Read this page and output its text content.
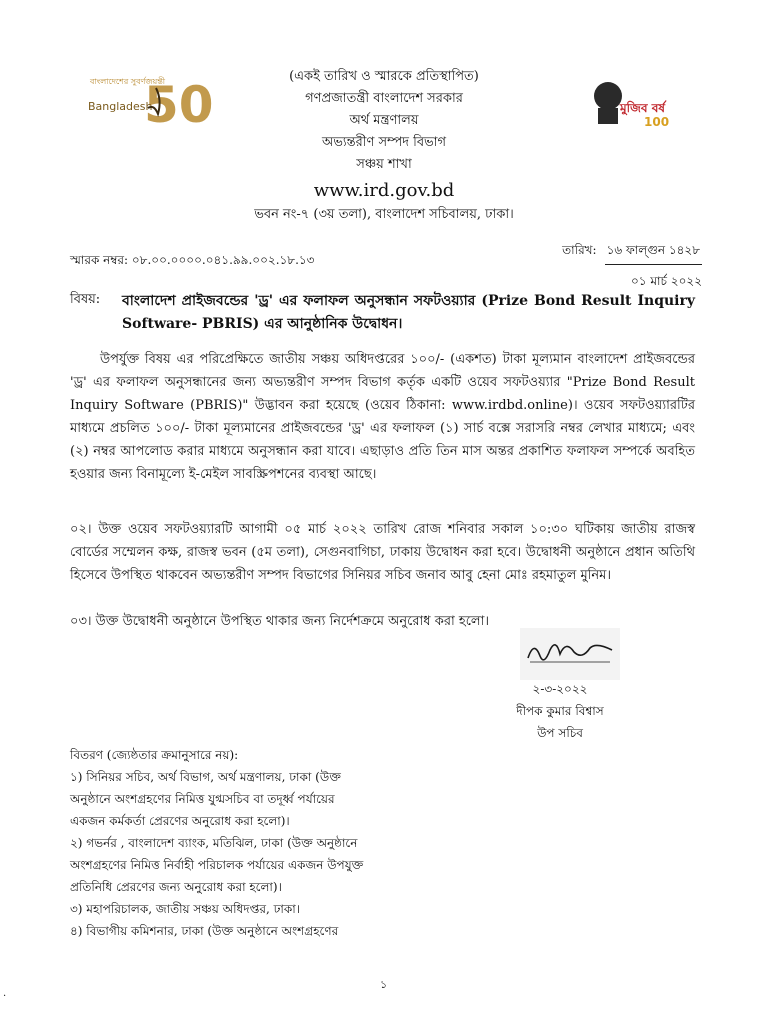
বাংলাদেশের সুবর্ণজয়ন্তী
50
Bangladesh	মুজিব বর্ষ
100
(একই তারিখ ও স্মারকে প্রতিস্থাপিত)
গণপ্রজাতন্ত্রী বাংলাদেশ সরকার
অর্থ মন্ত্রণালয়
অভ্যন্তরীণ সম্পদ বিভাগ
সঞ্চয় শাখা
www.ird.gov.bd
ভবন নং-৭ (৩য় তলা), বাংলাদেশ সচিবালয়, ঢাকা।
স্মারক নম্বর: ০৮.০০.০০০০.০৪১.৯৯.০০২.১৮.১৩
তারিখ: ১৬ ফাল্গুন ১৪২৮
০১ মার্চ ২০২২
বিষয়:	বাংলাদেশ প্রাইজবন্ডের 'ড্র' এর ফলাফল অনুসন্ধান সফটওয়্যার (Prize Bond Result Inquiry Software- PBRIS) এর আনুষ্ঠানিক উদ্বোধন।
উপর্যুক্ত বিষয় এর পরিপ্রেক্ষিতে জাতীয় সঞ্চয় অধিদপ্তরের ১০০/- (একশত) টাকা মূল্যমান বাংলাদেশ প্রাইজবন্ডের 'ড্র' এর ফলাফল অনুসন্ধানের জন্য অভ্যন্তরীণ সম্পদ বিভাগ কর্তৃক একটি ওয়েব সফটওয়্যার "Prize Bond Result Inquiry Software (PBRIS)" উদ্ভাবন করা হয়েছে (ওয়েব ঠিকানা: www.irdbd.online)। ওয়েব সফটওয়্যারটির মাধ্যমে প্রচলিত ১০০/- টাকা মূল্যমানের প্রাইজবন্ডের 'ড্র' এর ফলাফল (১) সার্চ বক্সে সরাসরি নম্বর লেখার মাধ্যমে; এবং (২) নম্বর আপলোড করার মাধ্যমে অনুসন্ধান করা যাবে। এছাড়াও প্রতি তিন মাস অন্তর প্রকাশিত ফলাফল সম্পর্কে অবহিত হওয়ার জন্য বিনামূল্যে ই-মেইল সাবস্ক্রিপশনের ব্যবস্থা আছে।
০২। উক্ত ওয়েব সফটওয়্যারটি আগামী ০৫ মার্চ ২০২২ তারিখ রোজ শনিবার সকাল ১০:৩০ ঘটিকায় জাতীয় রাজস্ব বোর্ডের সম্মেলন কক্ষ, রাজস্ব ভবন (৫ম তলা), সেগুনবাগিচা, ঢাকায় উদ্বোধন করা হবে। উদ্বোধনী অনুষ্ঠানে প্রধান অতিথি হিসেবে উপস্থিত থাকবেন অভ্যন্তরীণ সম্পদ বিভাগের সিনিয়র সচিব জনাব আবু হেনা মোঃ রহমাতুল মুনিম।
০৩। উক্ত উদ্বোধনী অনুষ্ঠানে উপস্থিত থাকার জন্য নির্দেশক্রমে অনুরোধ করা হলো।
২-৩-২০২২
দীপক কুমার বিশ্বাস
উপ সচিব
বিতরণ (জ্যেষ্ঠতার ক্রমানুসারে নয়):
১) সিনিয়র সচিব, অর্থ বিভাগ, অর্থ মন্ত্রণালয়, ঢাকা (উক্ত অনুষ্ঠানে অংশগ্রহণের নিমিত্ত যুগ্মসচিব বা তদূর্ধ্ব পর্যায়ের একজন কর্মকর্তা প্রেরণের অনুরোধ করা হলো)।
২) গভর্নর , বাংলাদেশ ব্যাংক, মতিঝিল, ঢাকা (উক্ত অনুষ্ঠানে অংশগ্রহণের নিমিত্ত নির্বাহী পরিচালক পর্যায়ের একজন উপযুক্ত প্রতিনিধি প্রেরণের জন্য অনুরোধ করা হলো)।
৩) মহাপরিচালক, জাতীয় সঞ্চয় অধিদপ্তর, ঢাকা।
৪) বিভাগীয় কমিশনার, ঢাকা (উক্ত অনুষ্ঠানে অংশগ্রহণের
১
.
